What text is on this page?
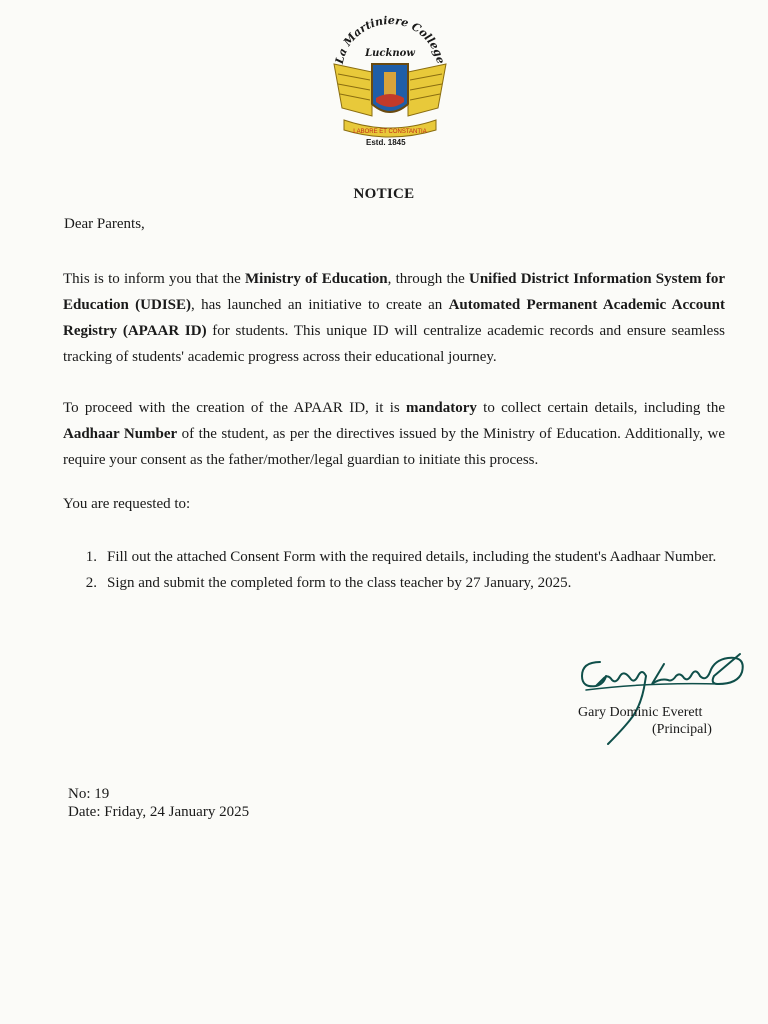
La Martiniere College
Lucknow
LABORE ET CONSTANTIA
Estd. 1845
NOTICE
Dear Parents,

This is to inform you that the Ministry of Education, through the Unified District Information System for Education (UDISE), has launched an initiative to create an Automated Permanent Academic Account Registry (APAAR ID) for students. This unique ID will centralize academic records and ensure seamless tracking of students' academic progress across their educational journey.

To proceed with the creation of the APAAR ID, it is mandatory to collect certain details, including the Aadhaar Number of the student, as per the directives issued by the Ministry of Education. Additionally, we require your consent as the father/mother/legal guardian to initiate this process.

You are requested to:
1. Fill out the attached Consent Form with the required details, including the student's Aadhaar Number.
2. Sign and submit the completed form to the class teacher by 27 January, 2025.
Gary Dominic Everett
(Principal)
No: 19
Date: Friday, 24 January 2025
